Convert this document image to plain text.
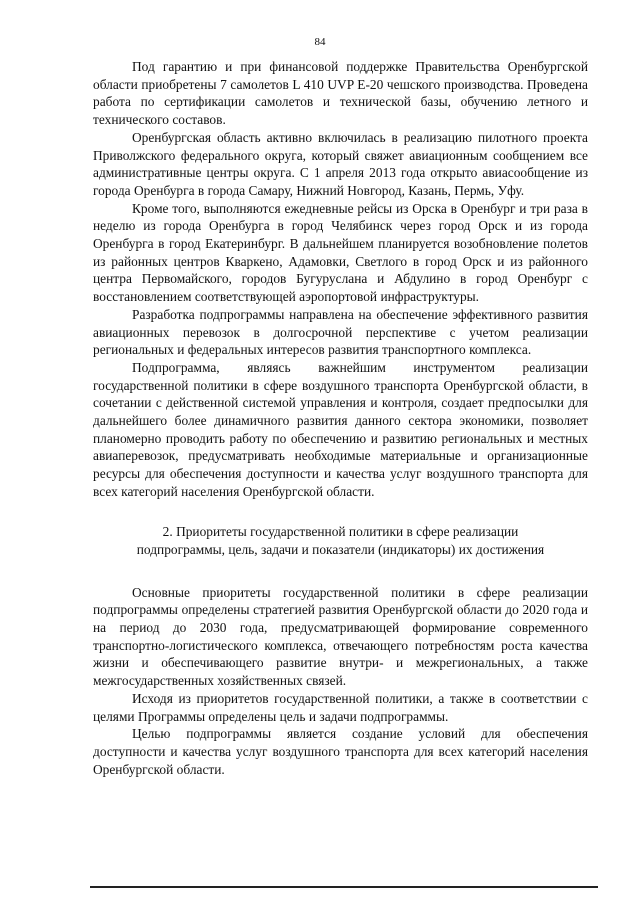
84

Под гарантию и при финансовой поддержке Правительства Оренбургской области приобретены 7 самолетов L 410 UVP E-20 чешского производства. Проведена работа по сертификации самолетов и технической базы, обучению летного и технического составов.

Оренбургская область активно включилась в реализацию пилотного проекта Приволжского федерального округа, который свяжет авиационным сообщением все административные центры округа. С 1 апреля 2013 года открыто авиасообщение из города Оренбурга в города Самару, Нижний Новгород, Казань, Пермь, Уфу.

Кроме того, выполняются ежедневные рейсы из Орска в Оренбург и три раза в неделю из города Оренбурга в город Челябинск через город Орск и из города Оренбурга в город Екатеринбург. В дальнейшем планируется возобновление полетов из районных центров Кваркено, Адамовки, Светлого в город Орск и из районного центра Первомайского, городов Бугуруслана и Абдулино в город Оренбург с восстановлением соответствующей аэропортовой инфраструктуры.

Разработка подпрограммы направлена на обеспечение эффективного развития авиационных перевозок в долгосрочной перспективе с учетом реализации региональных и федеральных интересов развития транспортного комплекса.

Подпрограмма, являясь важнейшим инструментом реализации государственной политики в сфере воздушного транспорта Оренбургской области, в сочетании с действенной системой управления и контроля, создает предпосылки для дальнейшего более динамичного развития данного сектора экономики, позволяет планомерно проводить работу по обеспечению и развитию региональных и местных авиаперевозок, предусматривать необходимые материальные и организационные ресурсы для обеспечения доступности и качества услуг воздушного транспорта для всех категорий населения Оренбургской области.

2. Приоритеты государственной политики в сфере реализации
подпрограммы, цель, задачи и показатели (индикаторы) их достижения

Основные приоритеты государственной политики в сфере реализации подпрограммы определены стратегией развития Оренбургской области до 2020 года и на период до 2030 года, предусматривающей формирование современного транспортно-логистического комплекса, отвечающего потребностям роста качества жизни и обеспечивающего развитие внутри- и межрегиональных, а также межгосударственных хозяйственных связей.

Исходя из приоритетов государственной политики, а также в соответствии с целями Программы определены цель и задачи подпрограммы.

Целью подпрограммы является создание условий для обеспечения доступности и качества услуг воздушного транспорта для всех категорий населения Оренбургской области.
